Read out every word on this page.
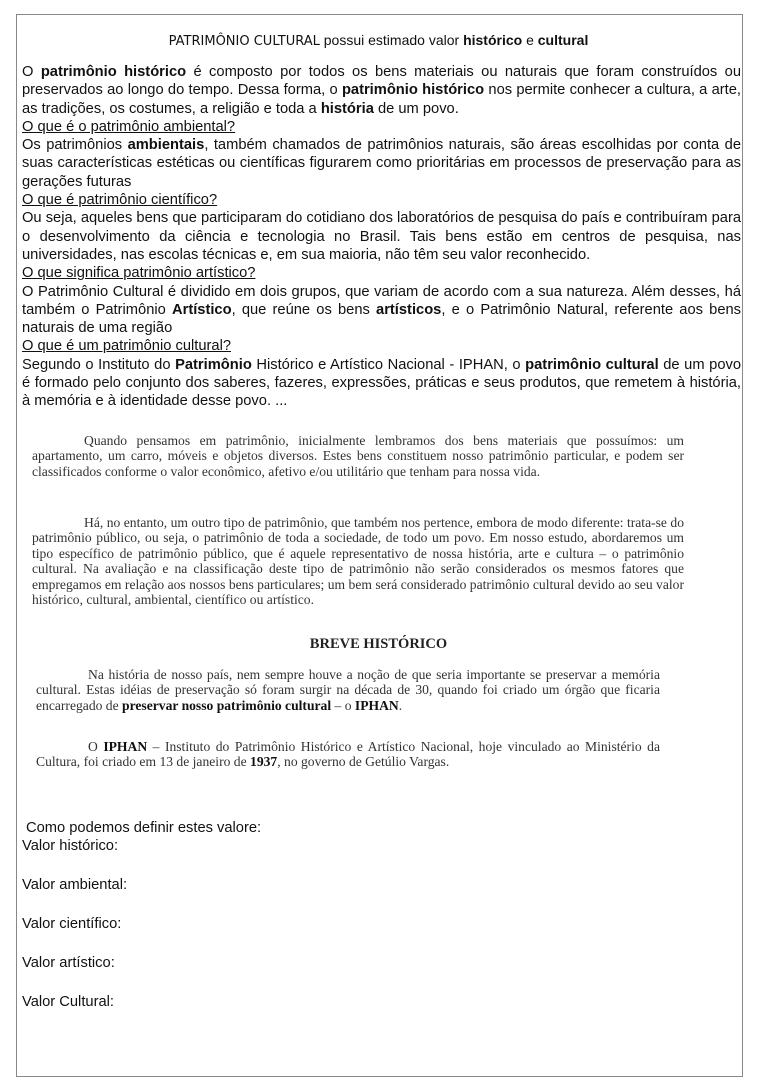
PATRIMÔNIO CULTURAL possui estimado valor histórico e cultural

O patrimônio histórico é composto por todos os bens materiais ou naturais que foram construídos ou preservados ao longo do tempo. Dessa forma, o patrimônio histórico nos permite conhecer a cultura, a arte, as tradições, os costumes, a religião e toda a história de um povo.

O que é o patrimônio ambiental?

Os patrimônios ambientais, também chamados de patrimônios naturais, são áreas escolhidas por conta de suas características estéticas ou científicas figurarem como prioritárias em processos de preservação para as gerações futuras

O que é patrimônio científico?

Ou seja, aqueles bens que participaram do cotidiano dos laboratórios de pesquisa do país e contribuíram para o desenvolvimento da ciência e tecnologia no Brasil. Tais bens estão em centros de pesquisa, nas universidades, nas escolas técnicas e, em sua maioria, não têm seu valor reconhecido.

O que significa patrimônio artístico?

O Patrimônio Cultural é dividido em dois grupos, que variam de acordo com a sua natureza. Além desses, há também o Patrimônio Artístico, que reúne os bens artísticos, e o Patrimônio Natural, referente aos bens naturais de uma região

O que é um patrimônio cultural?

Segundo o Instituto do Patrimônio Histórico e Artístico Nacional - IPHAN, o patrimônio cultural de um povo é formado pelo conjunto dos saberes, fazeres, expressões, práticas e seus produtos, que remetem à história, à memória e à identidade desse povo. ...

Quando pensamos em patrimônio, inicialmente lembramos dos bens materiais que possuímos: um apartamento, um carro, móveis e objetos diversos. Estes bens constituem nosso patrimônio particular, e podem ser classificados conforme o valor econômico, afetivo e/ou utilitário que tenham para nossa vida.

Há, no entanto, um outro tipo de patrimônio, que também nos pertence, embora de modo diferente: trata-se do patrimônio público, ou seja, o patrimônio de toda a sociedade, de todo um povo. Em nosso estudo, abordaremos um tipo específico de patrimônio público, que é aquele representativo de nossa história, arte e cultura – o patrimônio cultural. Na avaliação e na classificação deste tipo de patrimônio não serão considerados os mesmos fatores que empregamos em relação aos nossos bens particulares; um bem será considerado patrimônio cultural devido ao seu valor histórico, cultural, ambiental, científico ou artístico.

BREVE HISTÓRICO

Na história de nosso país, nem sempre houve a noção de que seria importante se preservar a memória cultural. Estas idéias de preservação só foram surgir na década de 30, quando foi criado um órgão que ficaria encarregado de preservar nosso patrimônio cultural – o IPHAN.

O IPHAN – Instituto do Patrimônio Histórico e Artístico Nacional, hoje vinculado ao Ministério da Cultura, foi criado em 13 de janeiro de 1937, no governo de Getúlio Vargas.

Como podemos definir estes valore:
Valor histórico:
Valor ambiental:
Valor científico:
Valor artístico:
Valor Cultural:
